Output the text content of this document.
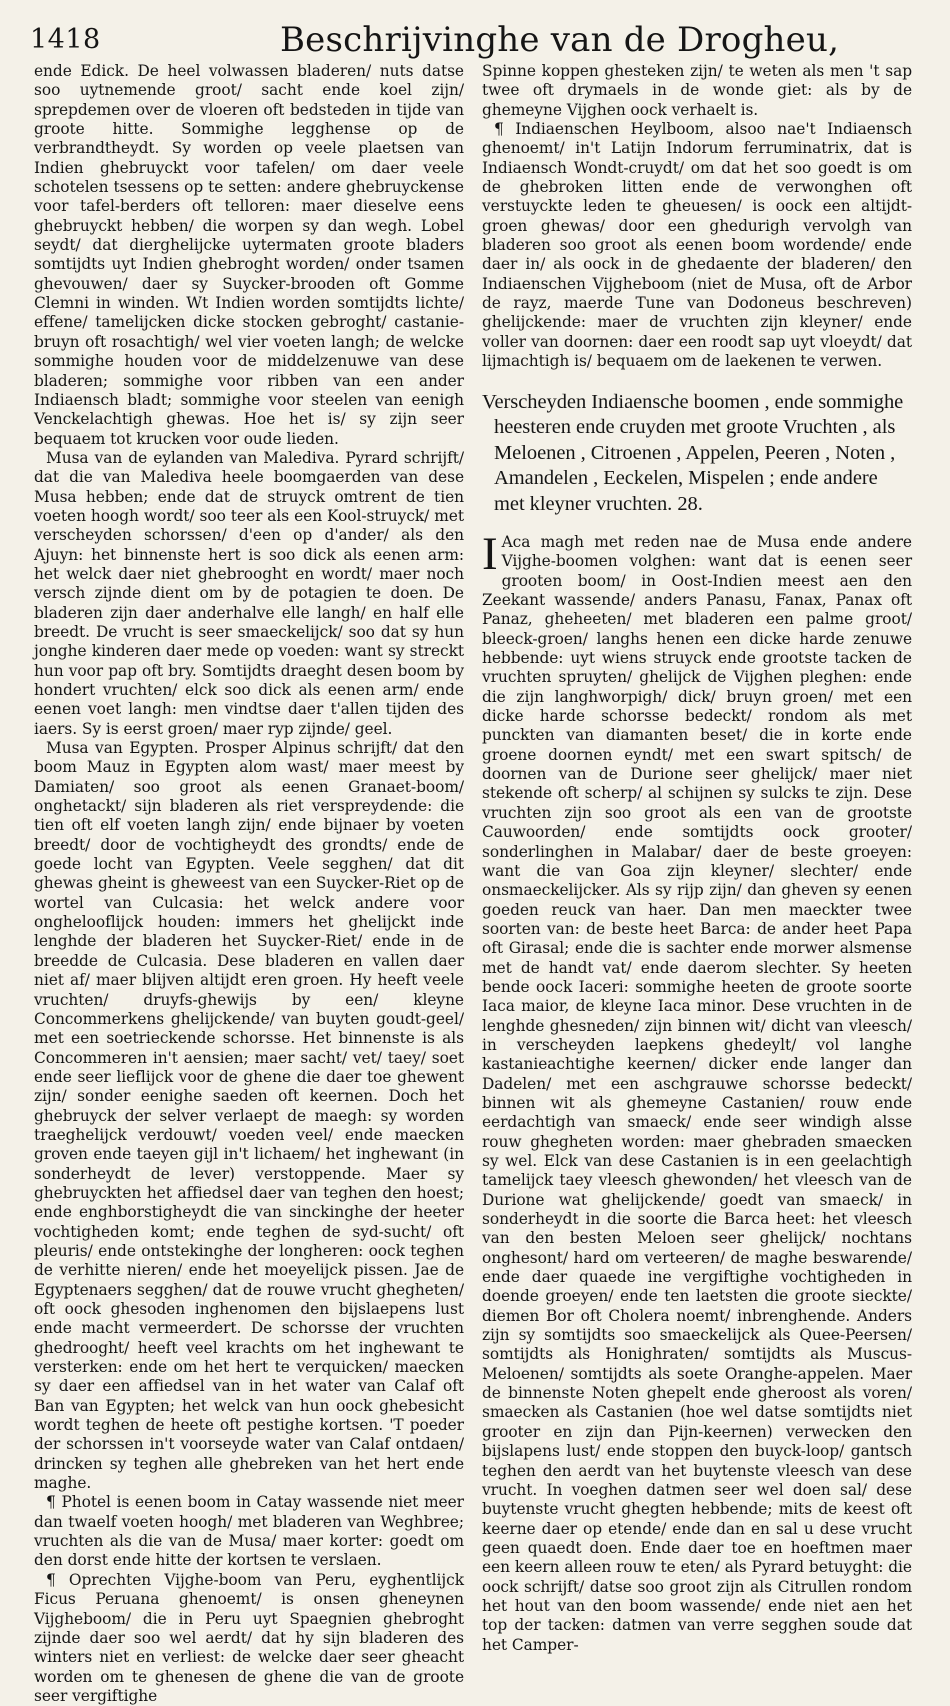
1418	Beschrijvinghe van de Drogheu,

ende Edick. De heel volwassen bladeren/ nuts datse soo uytnemende groot/ sacht ende koel zijn/ sprepdemen over de vloeren oft bedsteden in tijde van groote hitte. Sommighe legghense op de verbrandtheydt. Sy worden op veele plaetsen van Indien ghebruyckt voor tafelen/ om daer veele schotelen tsessens op te setten: andere ghebruyckense voor tafel-berders oft telloren: maer dieselve eens ghebruyckt hebben/ die worpen sy dan wegh. Lobel seydt/ dat dierghelijcke uytermaten groote bladers somtijdts uyt Indien ghebroght worden/ onder tsamen ghevouwen/ daer sy Suycker-brooden oft Gomme Clemni in winden. Wt Indien worden somtijdts lichte/ effene/ tamelijcken dicke stocken gebroght/ castanie-bruyn oft rosachtigh/ wel vier voeten langh; de welcke sommighe houden voor de middelzenuwe van dese bladeren; sommighe voor ribben van een ander Indiaensch bladt; sommighe voor steelen van eenigh Venckelachtigh ghewas. Hoe het is/ sy zijn seer bequaem tot krucken voor oude lieden.

Musa van de eylanden van Malediva. Pyrard schrijft/ dat die van Malediva heele boomgaerden van dese Musa hebben; ende dat de struyck omtrent de tien voeten hoogh wordt/ soo teer als een Kool-struyck/ met verscheyden schorssen/ d'een op d'ander/ als den Ajuyn: het binnenste hert is soo dick als eenen arm: het welck daer niet ghebrooght en wordt/ maer noch versch zijnde dient om by de potagien te doen. De bladeren zijn daer anderhalve elle langh/ en half elle breedt. De vrucht is seer smaeckelijck/ soo dat sy hun jonghe kinderen daer mede op voeden: want sy streckt hun voor pap oft bry. Somtijdts draeght desen boom by hondert vruchten/ elck soo dick als eenen arm/ ende eenen voet langh: men vindtse daer t'allen tijden des iaers. Sy is eerst groen/ maer ryp zijnde/ geel.

Musa van Egypten. Prosper Alpinus schrijft/ dat den boom Mauz in Egypten alom wast/ maer meest by Damiaten/ soo groot als eenen Granaet-boom/ onghetackt/ sijn bladeren als riet verspreydende: die tien oft elf voeten langh zijn/ ende bijnaer by voeten breedt/ door de vochtigheydt des grondts/ ende de goede locht van Egypten. Veele segghen/ dat dit ghewas gheint is gheweest van een Suycker-Riet op de wortel van Culcasia: het welck andere voor onghelooflijck houden: immers het ghelijckt inde lenghde der bladeren het Suycker-Riet/ ende in de breedde de Culcasia. Dese bladeren en vallen daer niet af/ maer blijven altijdt eren groen. Hy heeft veele vruchten/ druyfs-ghewijs by een/ kleyne Concommerkens ghelijckende/ van buyten goudt-geel/ met een soetrieckende schorsse. Het binnenste is als Concommeren in't aensien; maer sacht/ vet/ taey/ soet ende seer lieflijck voor de ghene die daer toe ghewent zijn/ sonder eenighe saeden oft keernen. Doch het ghebruyck der selver verlaept de maegh: sy worden traeghelijck verdouwt/ voeden veel/ ende maecken groven ende taeyen gijl in't lichaem/ het inghewant (in sonderheydt de lever) verstoppende. Maer sy ghebruyckten het affiedsel daer van teghen den hoest; ende enghborstigheydt die van sinckinghe der heeter vochtigheden komt; ende teghen de syd-sucht/ oft pleuris/ ende ontstekinghe der longheren: oock teghen de verhitte nieren/ ende het moeyelijck pissen. Jae de Egyptenaers segghen/ dat de rouwe vrucht ghegheten/ oft oock ghesoden inghenomen den bijslaepens lust ende macht vermeerdert. De schorsse der vruchten ghedrooght/ heeft veel krachts om het inghewant te versterken: ende om het hert te verquicken/ maecken sy daer een affiedsel van in het water van Calaf oft Ban van Egypten; het welck van hun oock ghebesicht wordt teghen de heete oft pestighe kortsen. 'T poeder der schorssen in't voorseyde water van Calaf ontdaen/ drincken sy teghen alle ghebreken van het hert ende maghe.

¶ Photel is eenen boom in Catay wassende niet meer dan twaelf voeten hoogh/ met bladeren van Weghbree; vruchten als die van de Musa/ maer korter: goedt om den dorst ende hitte der kortsen te verslaen.

¶ Oprechten Vijghe-boom van Peru, eyghentlijck Ficus Peruana ghenoemt/ is onsen gheneynen Vijgheboom/ die in Peru uyt Spaegnien ghebroght zijnde daer soo wel aerdt/ dat hy sijn bladeren des winters niet en verliest: de welcke daer seer gheacht worden om te ghenesen de ghene die van de groote seer vergiftighe

Spinne koppen ghesteken zijn/ te weten als men 't sap twee oft drymaels in de wonde giet: als by de ghemeyne Vijghen oock verhaelt is.

¶ Indiaenschen Heylboom, alsoo nae't Indiaensch ghenoemt/ in't Latijn Indorum ferruminatrix, dat is Indiaensch Wondt-cruydt/ om dat het soo goedt is om de ghebroken litten ende de verwonghen oft verstuyckte leden te gheuesen/ is oock een altijdt-groen ghewas/ door een ghedurigh vervolgh van bladeren soo groot als eenen boom wordende/ ende daer in/ als oock in de ghedaente der bladeren/ den Indiaenschen Vijgheboom (niet de Musa, oft de Arbor de rayz, maerde Tune van Dodoneus beschreven) ghelijckende: maer de vruchten zijn kleyner/ ende voller van doornen: daer een roodt sap uyt vloeydt/ dat lijmachtigh is/ bequaem om de laekenen te verwen.

Verscheyden Indiaensche boomen , ende sommighe heesteren ende cruyden met groote Vruchten , als Meloenen , Citroenen , Appelen, Peeren , Noten , Amandelen , Eeckelen, Mispelen ; ende andere met kleyner vruchten. 28.

I Aca magh met reden nae de Musa ende andere Vijghe-boomen volghen: want dat is eenen seer grooten boom/ in Oost-Indien meest aen den Zeekant wassende/ anders Panasu, Fanax, Panax oft Panaz, gheheeten/ met bladeren een palme groot/ bleeck-groen/ langhs henen een dicke harde zenuwe hebbende: uyt wiens struyck ende grootste tacken de vruchten spruyten/ ghelijck de Vijghen pleghen: ende die zijn langhworpigh/ dick/ bruyn groen/ met een dicke harde schorsse bedeckt/ rondom als met punckten van diamanten beset/ die in korte ende groene doornen eyndt/ met een swart spitsch/ de doornen van de Durione seer ghelijck/ maer niet stekende oft scherp/ al schijnen sy sulcks te zijn. Dese vruchten zijn soo groot als een van de grootste Cauwoorden/ ende somtijdts oock grooter/ sonderlinghen in Malabar/ daer de beste groeyen: want die van Goa zijn kleyner/ slechter/ ende onsmaeckelijcker. Als sy rijp zijn/ dan gheven sy eenen goeden reuck van haer. Dan men maeckter twee soorten van: de beste heet Barca: de ander heet Papa oft Girasal; ende die is sachter ende morwer alsmense met de handt vat/ ende daerom slechter. Sy heeten bende oock Iaceri: sommighe heeten de groote soorte Iaca maior, de kleyne Iaca minor. Dese vruchten in de lenghde ghesneden/ zijn binnen wit/ dicht van vleesch/ in verscheyden laepkens ghedeylt/ vol langhe kastanieachtighe keernen/ dicker ende langer dan Dadelen/ met een aschgrauwe schorsse bedeckt/ binnen wit als ghemeyne Castanien/ rouw ende eerdachtigh van smaeck/ ende seer windigh alsse rouw ghegheten worden: maer ghebraden smaecken sy wel. Elck van dese Castanien is in een geelachtigh tamelijck taey vleesch ghewonden/ het vleesch van de Durione wat ghelijckende/ goedt van smaeck/ in sonderheydt in die soorte die Barca heet: het vleesch van den besten Meloen seer ghelijck/ nochtans onghesont/ hard om verteeren/ de maghe beswarende/ ende daer quaede ine vergiftighe vochtigheden in doende groeyen/ ende ten laetsten die groote sieckte/ diemen Bor oft Cholera noemt/ inbrenghende. Anders zijn sy somtijdts soo smaeckelijck als Quee-Peersen/ somtijdts als Honighraten/ somtijdts als Muscus-Meloenen/ somtijdts als soete Oranghe-appelen. Maer de binnenste Noten ghepelt ende gheroost als voren/ smaecken als Castanien (hoe wel datse somtijdts niet grooter en zijn dan Pijn-keernen) verwecken den bijslapens lust/ ende stoppen den buyck-loop/ gantsch teghen den aerdt van het buytenste vleesch van dese vrucht. In voeghen datmen seer wel doen sal/ dese buytenste vrucht ghegten hebbende; mits de keest oft keerne daer op etende/ ende dan en sal u dese vrucht geen quaedt doen. Ende daer toe en hoeftmen maer een keern alleen rouw te eten/ als Pyrard betuyght: die oock schrijft/ datse soo groot zijn als Citrullen rondom het hout van den boom wassende/ ende niet aen het top der tacken: datmen van verre segghen soude dat het Camper-
